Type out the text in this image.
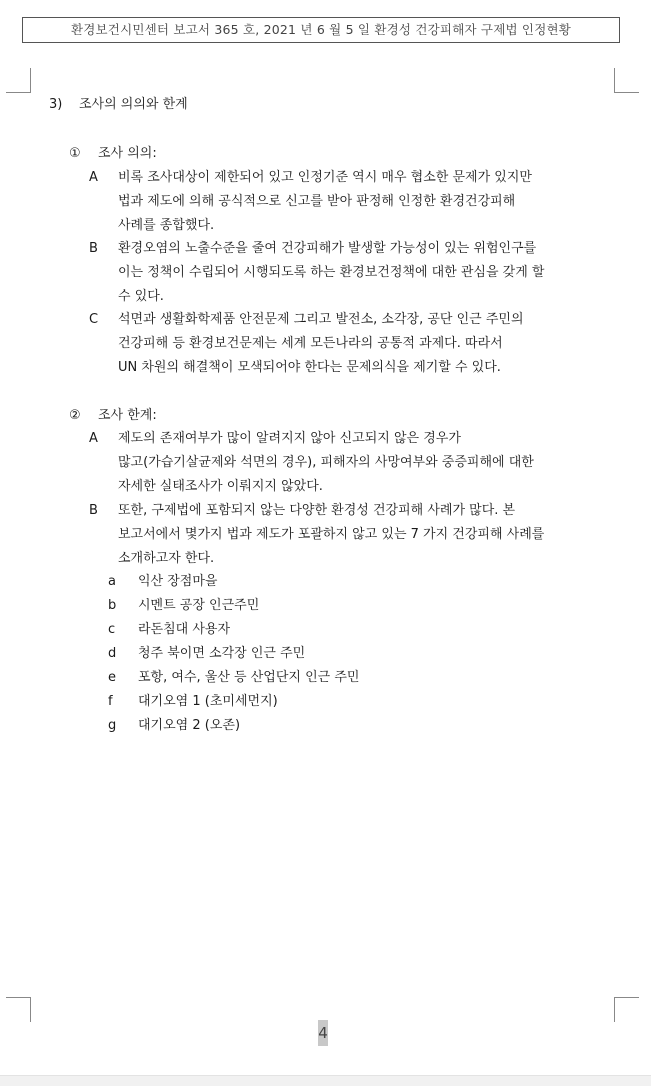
환경보건시민센터 보고서 365 호, 2021 년 6 월 5 일 환경성 건강피해자 구제법 인정현황
3) 조사의 의의와 한계
① 조사 의의:
A 비록 조사대상이 제한되어 있고 인정기준 역시 매우 협소한 문제가 있지만
법과 제도에 의해 공식적으로 신고를 받아 판정해 인정한 환경건강피해
사례를 종합했다.
B 환경오염의 노출수준을 줄여 건강피해가 발생할 가능성이 있는 위험인구를
이는 정책이 수립되어 시행되도록 하는 환경보건정책에 대한 관심을 갖게 할
수 있다.
C 석면과 생활화학제품 안전문제 그리고 발전소, 소각장, 공단 인근 주민의
건강피해 등 환경보건문제는 세계 모든나라의 공통적 과제다. 따라서
UN 차원의 해결책이 모색되어야 한다는 문제의식을 제기할 수 있다.
② 조사 한계:
A 제도의 존재여부가 많이 알려지지 않아 신고되지 않은 경우가
많고(가습기살균제와 석면의 경우), 피해자의 사망여부와 중증피해에 대한
자세한 실태조사가 이뤄지지 않았다.
B 또한, 구제법에 포함되지 않는 다양한 환경성 건강피해 사례가 많다. 본
보고서에서 몇가지 법과 제도가 포괄하지 않고 있는 7 가지 건강피해 사례를
소개하고자 한다.
a 익산 장점마을
b 시멘트 공장 인근주민
c 라돈침대 사용자
d 청주 북이면 소각장 인근 주민
e 포항, 여수, 울산 등 산업단지 인근 주민
f 대기오염 1 (초미세먼지)
g 대기오염 2 (오존)
4
